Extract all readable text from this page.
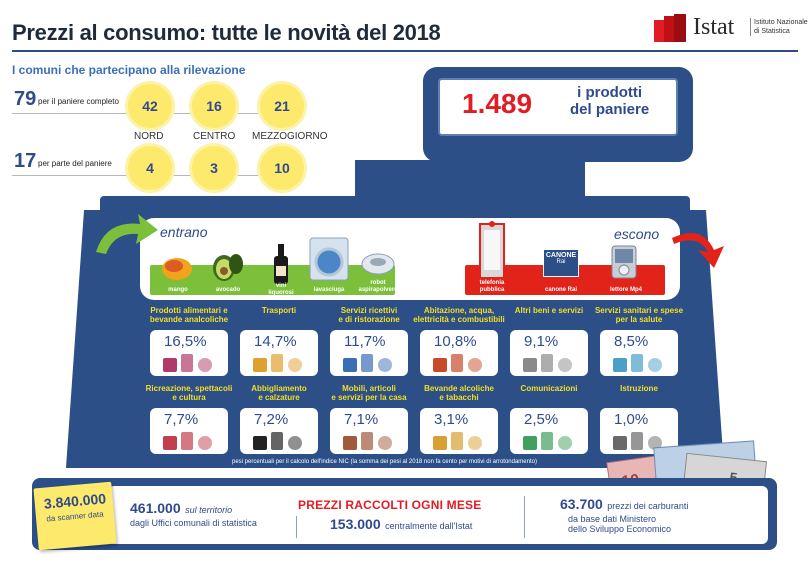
Prezzi al consumo: tutte le novità del 2018	Istat	Istituto Nazionale
di Statistica
I comuni che partecipano alla rilevazione
79 per il paniere completo	42	16	21
NORD	CENTRO MEZZOGIORNO
17 per parte del paniere	4	3	10
1.489	i prodotti
del paniere
entrano	escono
mango	avocado
vini
liquorosi	lavasciuga
robot
aspirapolvere
telefonia
pubblica
CANONE
Rai
canone Rai	lettore Mp4
Prodotti alimentari e
bevande analcoliche
16,5%
Trasporti
14,7%
Servizi ricettivi
e di ristorazione
11,7%
Abitazione, acqua,
elettricità e combustibili
10,8%
Altri beni e servizi
9,1%
Servizi sanitari e spese
per la salute
8,5%
Ricreazione, spettacoli
e cultura
7,7%
Abbigliamento
e calzature
7,2%
Mobili, articoli
e servizi per la casa
7,1%
Bevande alcoliche
e tabacchi
3,1%
Comunicazioni
2,5%
Istruzione
1,0%
pesi percentuali per il calcolo dell'indice NIC (la somma dei pesi al 2018 non fa cento per motivi di arrotondamento)
3.840.000
da scanner data
461.000 sul territorio
dagli Uffici comunali di statistica
PREZZI RACCOLTI OGNI MESE
153.000 centralmente dall'Istat
63.700 prezzi dei carburanti
da base dati Ministero
dello Sviluppo Economico
